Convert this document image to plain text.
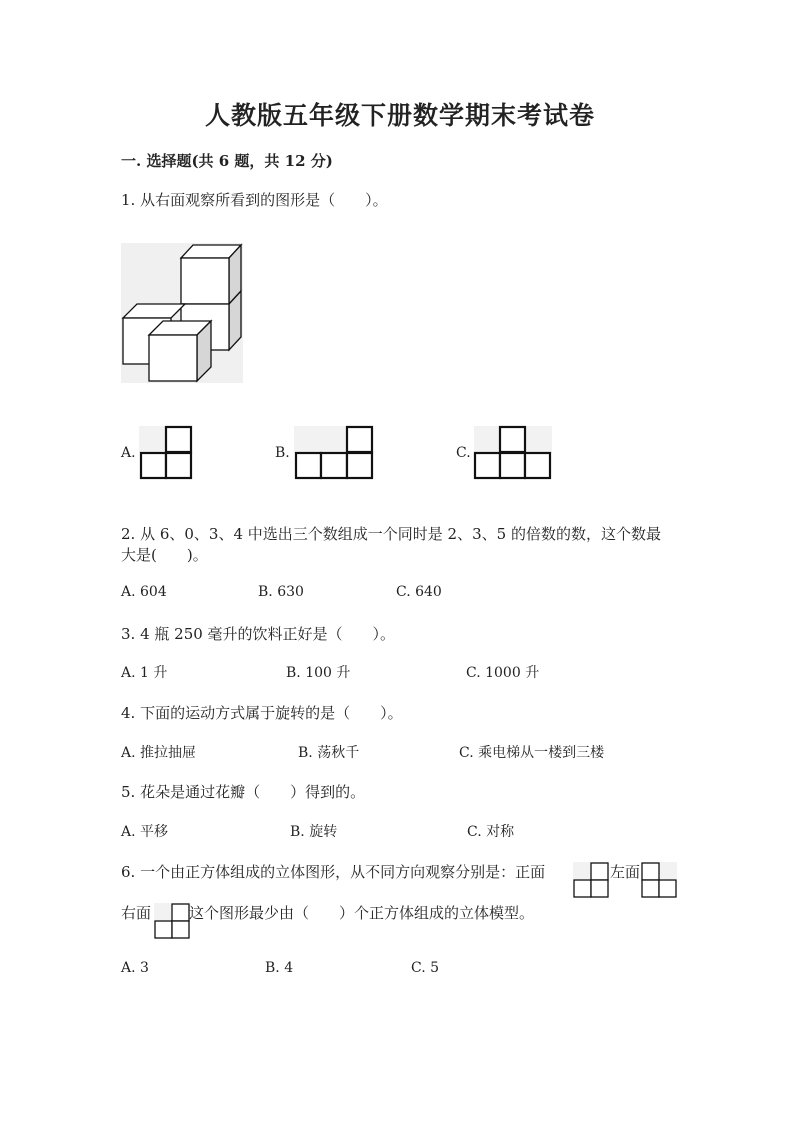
人教版五年级下册数学期末考试卷
一. 选择题(共 6 题，共 12 分)
1. 从右面观察所看到的图形是（　　）。
A.	B.	C.
2. 从 6、0、3、4 中选出三个数组成一个同时是 2、3、5 的倍数的数，这个数最
大是(　　)。
A. 604	B. 630	C. 640
3. 4 瓶 250 毫升的饮料正好是（　　）。
A. 1 升	B. 100 升	C. 1000 升
4. 下面的运动方式属于旋转的是（　　）。
A. 推拉抽屉	B. 荡秋千	C. 乘电梯从一楼到三楼
5. 花朵是通过花瓣（　　）得到的。
A. 平移	B. 旋转	C. 对称
6. 一个由正方体组成的立体图形，从不同方向观察分别是：正面	左面
右面	这个图形最少由（　　）个正方体组成的立体模型。
A. 3	B. 4	C. 5
